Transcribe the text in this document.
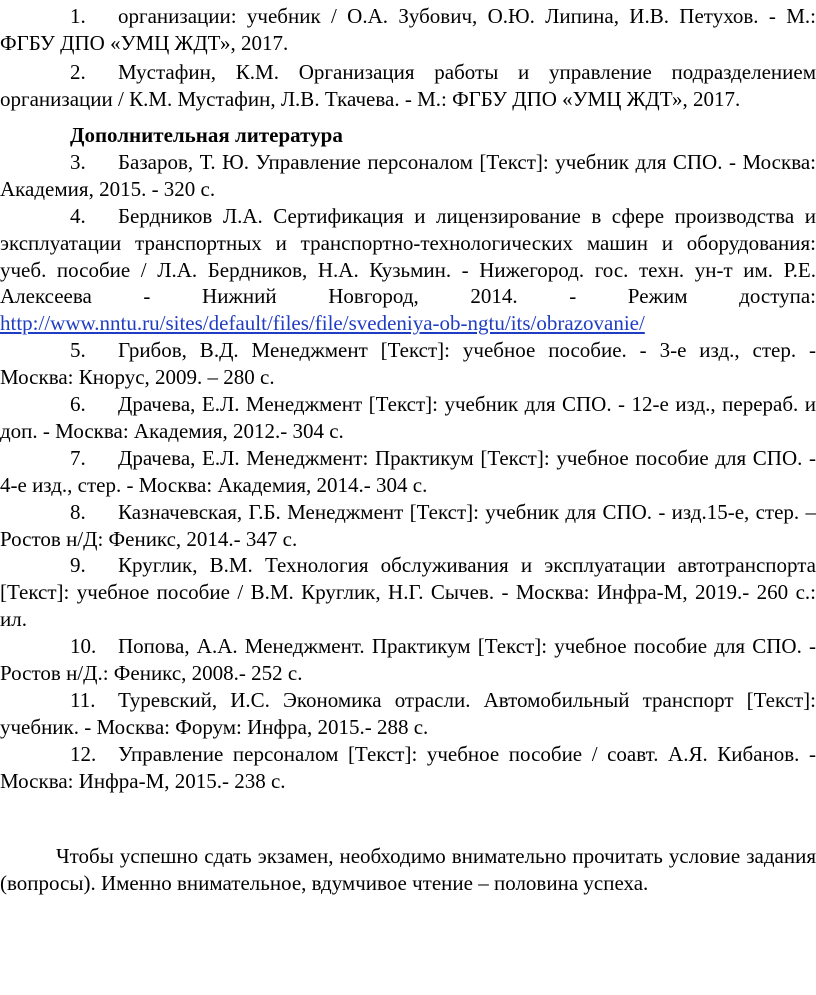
1. организации: учебник / О.А. Зубович, О.Ю. Липина, И.В. Петухов. - М.: ФГБУ ДПО «УМЦ ЖДТ», 2017.

2. Мустафин, К.М. Организация работы и управление подразделением организации / К.М. Мустафин, Л.В. Ткачева. - М.: ФГБУ ДПО «УМЦ ЖДТ», 2017.

Дополнительная литература

3. Базаров, Т. Ю. Управление персоналом [Текст]: учебник для СПО. - Москва: Академия, 2015. - 320 с.

4. Бердников Л.А. Сертификация и лицензирование в сфере производства и эксплуатации транспортных и транспортно-технологических машин и оборудования: учеб. пособие / Л.А. Бердников, Н.А. Кузьмин. - Нижегород. гос. техн. ун-т им. Р.Е. Алексеева - Нижний Новгород, 2014. - Режим доступа: http://www.nntu.ru/sites/default/files/file/svedeniya-ob-ngtu/its/obrazovanie/

5. Грибов, В.Д. Менеджмент [Текст]: учебное пособие. - 3-е изд., стер. - Москва: Кнорус, 2009. – 280 с.

6. Драчева, Е.Л. Менеджмент [Текст]: учебник для СПО. - 12-е изд., перераб. и доп. - Москва: Академия, 2012.- 304 с.

7. Драчева, Е.Л. Менеджмент: Практикум [Текст]: учебное пособие для СПО. - 4-е изд., стер. - Москва: Академия, 2014.- 304 с.

8. Казначевская, Г.Б. Менеджмент [Текст]: учебник для СПО. - изд.15-е, стер. – Ростов н/Д: Феникс, 2014.- 347 с.

9. Круглик, В.М. Технология обслуживания и эксплуатации автотранспорта [Текст]: учебное пособие / В.М. Круглик, Н.Г. Сычев. - Москва: Инфра-М, 2019.- 260 с.: ил.

10. Попова, А.А. Менеджмент. Практикум [Текст]: учебное пособие для СПО. - Ростов н/Д.: Феникс, 2008.- 252 с.

11. Туревский, И.С. Экономика отрасли. Автомобильный транспорт [Текст]: учебник. - Москва: Форум: Инфра, 2015.- 288 с.

12. Управление персоналом [Текст]: учебное пособие / соавт. А.Я. Кибанов. - Москва: Инфра-М, 2015.- 238 с.

Чтобы успешно сдать экзамен, необходимо внимательно прочитать условие задания (вопросы). Именно внимательное, вдумчивое чтение – половина успеха.
